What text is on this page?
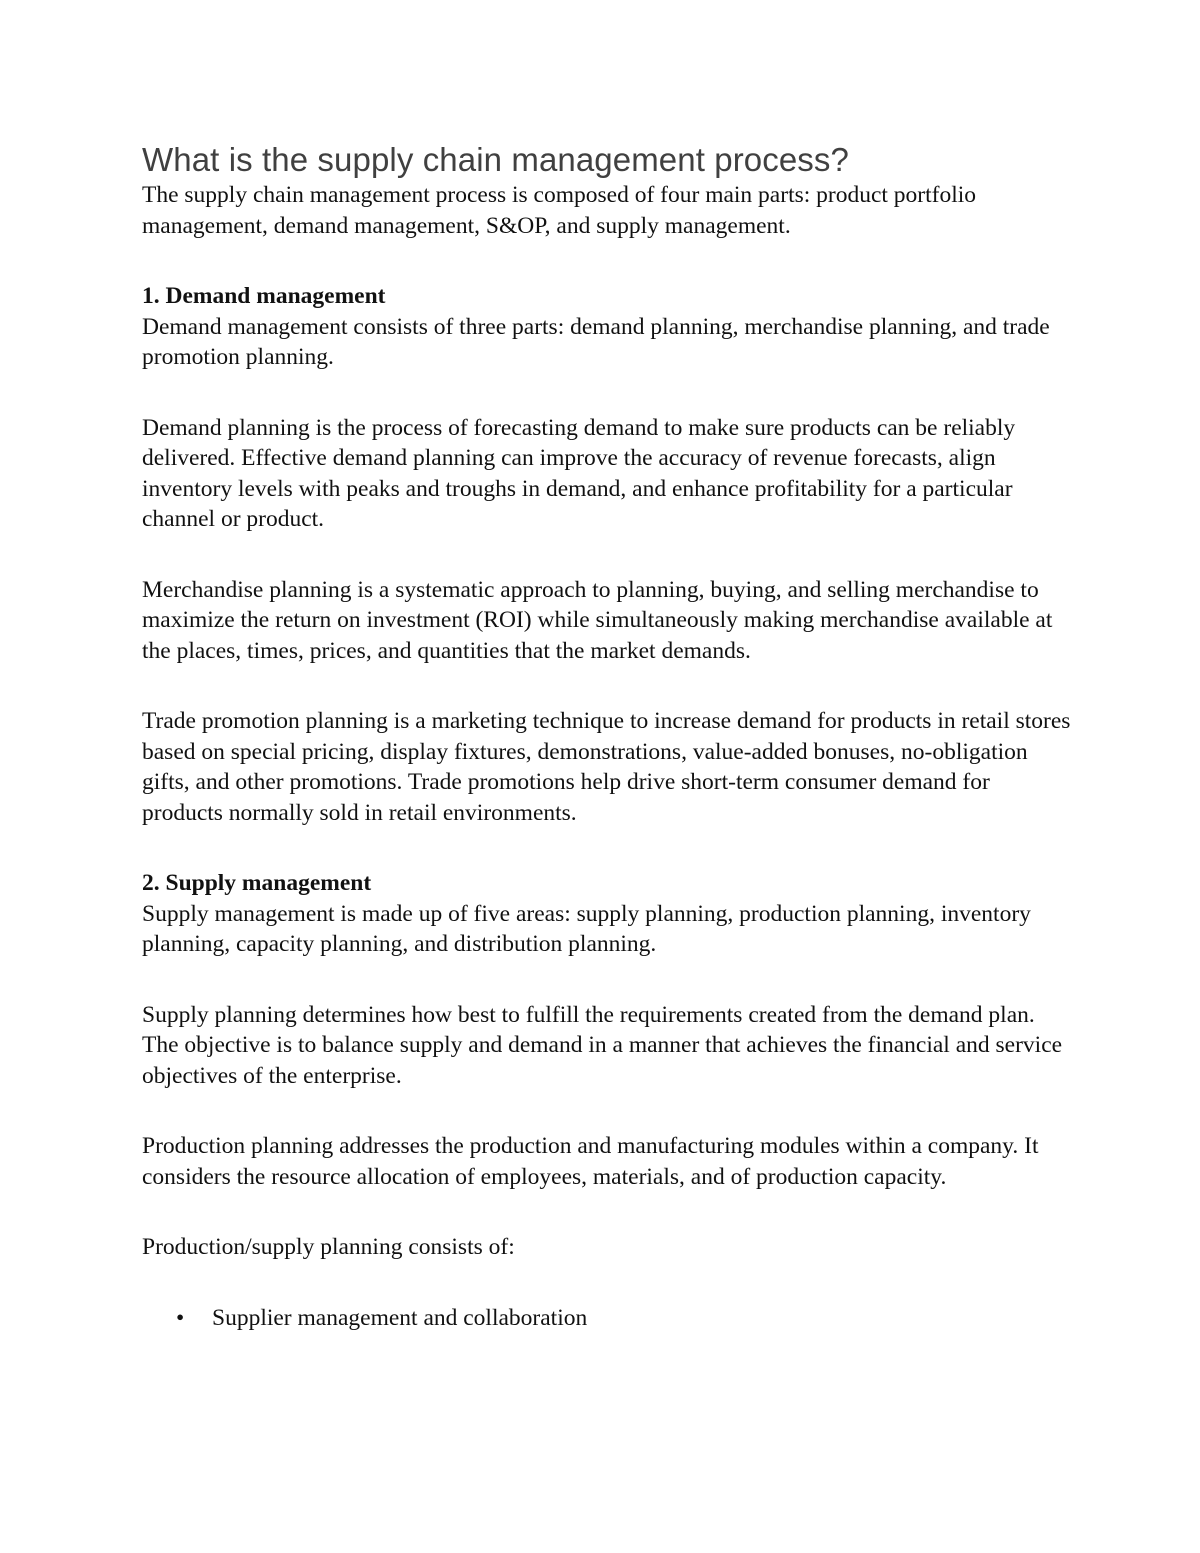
What is the supply chain management process?

The supply chain management process is composed of four main parts: product portfolio management, demand management, S&OP, and supply management.

1. Demand management
Demand management consists of three parts: demand planning, merchandise planning, and trade promotion planning.

Demand planning is the process of forecasting demand to make sure products can be reliably delivered. Effective demand planning can improve the accuracy of revenue forecasts, align inventory levels with peaks and troughs in demand, and enhance profitability for a particular channel or product.

Merchandise planning is a systematic approach to planning, buying, and selling merchandise to maximize the return on investment (ROI) while simultaneously making merchandise available at the places, times, prices, and quantities that the market demands.

Trade promotion planning is a marketing technique to increase demand for products in retail stores based on special pricing, display fixtures, demonstrations, value-added bonuses, no-obligation gifts, and other promotions. Trade promotions help drive short-term consumer demand for products normally sold in retail environments.

2. Supply management
Supply management is made up of five areas: supply planning, production planning, inventory planning, capacity planning, and distribution planning.

Supply planning determines how best to fulfill the requirements created from the demand plan. The objective is to balance supply and demand in a manner that achieves the financial and service objectives of the enterprise.

Production planning addresses the production and manufacturing modules within a company. It considers the resource allocation of employees, materials, and of production capacity.

Production/supply planning consists of:

• Supplier management and collaboration
